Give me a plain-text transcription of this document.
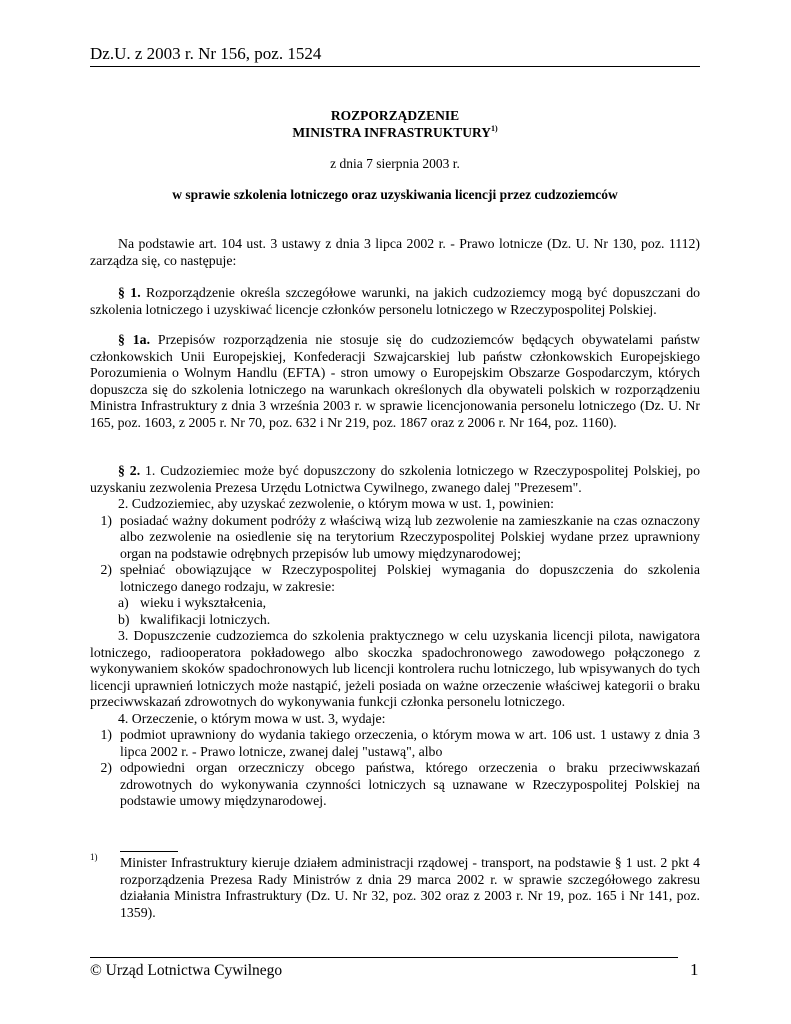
Dz.U. z 2003 r. Nr 156, poz. 1524
ROZPORZĄDZENIE
MINISTRA INFRASTRUKTURY$^{1)}$
z dnia 7 sierpnia 2003 r.
w sprawie szkolenia lotniczego oraz uzyskiwania licencji przez cudzoziemców

Na podstawie art. 104 ust. 3 ustawy z dnia 3 lipca 2002 r. - Prawo lotnicze (Dz. U. Nr 130, poz. 1112) zarządza się, co następuje:

§ 1. Rozporządzenie określa szczegółowe warunki, na jakich cudzoziemcy mogą być dopuszczani do szkolenia lotniczego i uzyskiwać licencje członków personelu lotniczego w Rzeczypospolitej Polskiej.

§ 1a. Przepisów rozporządzenia nie stosuje się do cudzoziemców będących obywatelami państw członkowskich Unii Europejskiej, Konfederacji Szwajcarskiej lub państw członkowskich Europejskiego Porozumienia o Wolnym Handlu (EFTA) - stron umowy o Europejskim Obszarze Gospodarczym, których dopuszcza się do szkolenia lotniczego na warunkach określonych dla obywateli polskich w rozporządzeniu Ministra Infrastruktury z dnia 3 września 2003 r. w sprawie licencjonowania personelu lotniczego (Dz. U. Nr 165, poz. 1603, z 2005 r. Nr 70, poz. 632 i Nr 219, poz. 1867 oraz z 2006 r. Nr 164, poz. 1160).

§ 2. 1. Cudzoziemiec może być dopuszczony do szkolenia lotniczego w Rzeczypospolitej Polskiej, po uzyskaniu zezwolenia Prezesa Urzędu Lotnictwa Cywilnego, zwanego dalej "Prezesem".

2. Cudzoziemiec, aby uzyskać zezwolenie, o którym mowa w ust. 1, powinien:

1) posiadać ważny dokument podróży z właściwą wizą lub zezwolenie na zamieszkanie na czas oznaczony albo zezwolenie na osiedlenie się na terytorium Rzeczypospolitej Polskiej wydane przez uprawniony organ na podstawie odrębnych przepisów lub umowy międzynarodowej;
2) spełniać obowiązujące w Rzeczypospolitej Polskiej wymagania do dopuszczenia do szkolenia lotniczego danego rodzaju, w zakresie:
a) wieku i wykształcenia,
b) kwalifikacji lotniczych.

3. Dopuszczenie cudzoziemca do szkolenia praktycznego w celu uzyskania licencji pilota, nawigatora lotniczego, radiooperatora pokładowego albo skoczka spadochronowego zawodowego połączonego z wykonywaniem skoków spadochronowych lub licencji kontrolera ruchu lotniczego, lub wpisywanych do tych licencji uprawnień lotniczych może nastąpić, jeżeli posiada on ważne orzeczenie właściwej kategorii o braku przeciwwskazań zdrowotnych do wykonywania funkcji członka personelu lotniczego.

4. Orzeczenie, o którym mowa w ust. 3, wydaje:

1) podmiot uprawniony do wydania takiego orzeczenia, o którym mowa w art. 106 ust. 1 ustawy z dnia 3 lipca 2002 r. - Prawo lotnicze, zwanej dalej "ustawą", albo
2) odpowiedni organ orzeczniczy obcego państwa, którego orzeczenia o braku przeciwwskazań zdrowotnych do wykonywania czynności lotniczych są uznawane w Rzeczypospolitej Polskiej na podstawie umowy międzynarodowej.
1) Minister Infrastruktury kieruje działem administracji rządowej - transport, na podstawie § 1 ust. 2 pkt 4 rozporządzenia Prezesa Rady Ministrów z dnia 29 marca 2002 r. w sprawie szczegółowego zakresu działania Ministra Infrastruktury (Dz. U. Nr 32, poz. 302 oraz z 2003 r. Nr 19, poz. 165 i Nr 141, poz. 1359).
© Urząd Lotnictwa Cywilnego	1
